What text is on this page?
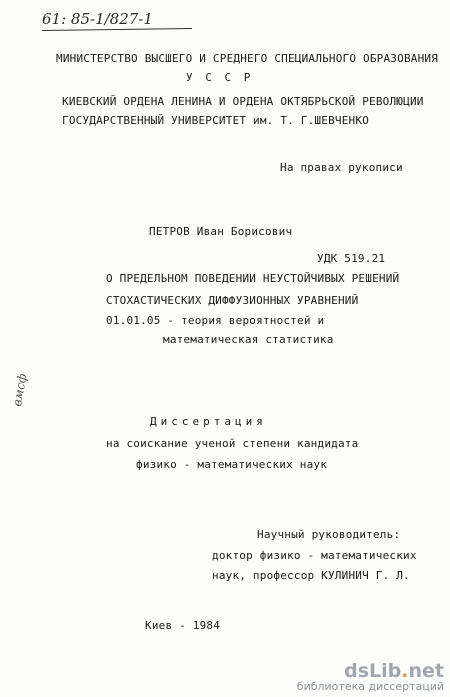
61: 85-1/827-1
МИНИСТЕРСТВО ВЫСШЕГО И СРЕДНЕГО СПЕЦИАЛЬНОГО ОБРАЗОВАНИЯ
У С С Р
КИЕВСКИЙ ОРДЕНА ЛЕНИНА И ОРДЕНА ОКТЯБРЬСКОЙ РЕВОЛЮЦИИ
ГОСУДАРСТВЕННЫЙ УНИВЕРСИТЕТ им. Т. Г.ШЕВЧЕНКО
На правах рукописи
ПЕТРОВ Иван Борисович
УДК 519.21
О ПРЕДЕЛЬНОМ ПОВЕДЕНИИ НЕУСТОЙЧИВЫХ РЕШЕНИЙ
СТОХАСТИЧЕСКИХ ДИФФУЗИОННЫХ УРАВНЕНИЙ
01.01.05 - теория вероятностей и
математическая статистика
вмсф
Диссертация
на соискание ученой степени кандидата
физико - математических наук
Научный руководитель:
доктор физико - математических
наук, профессор КУЛИНИЧ Г. Л.
Киев - 1984
dsLib.net
библиотека диссертаций
